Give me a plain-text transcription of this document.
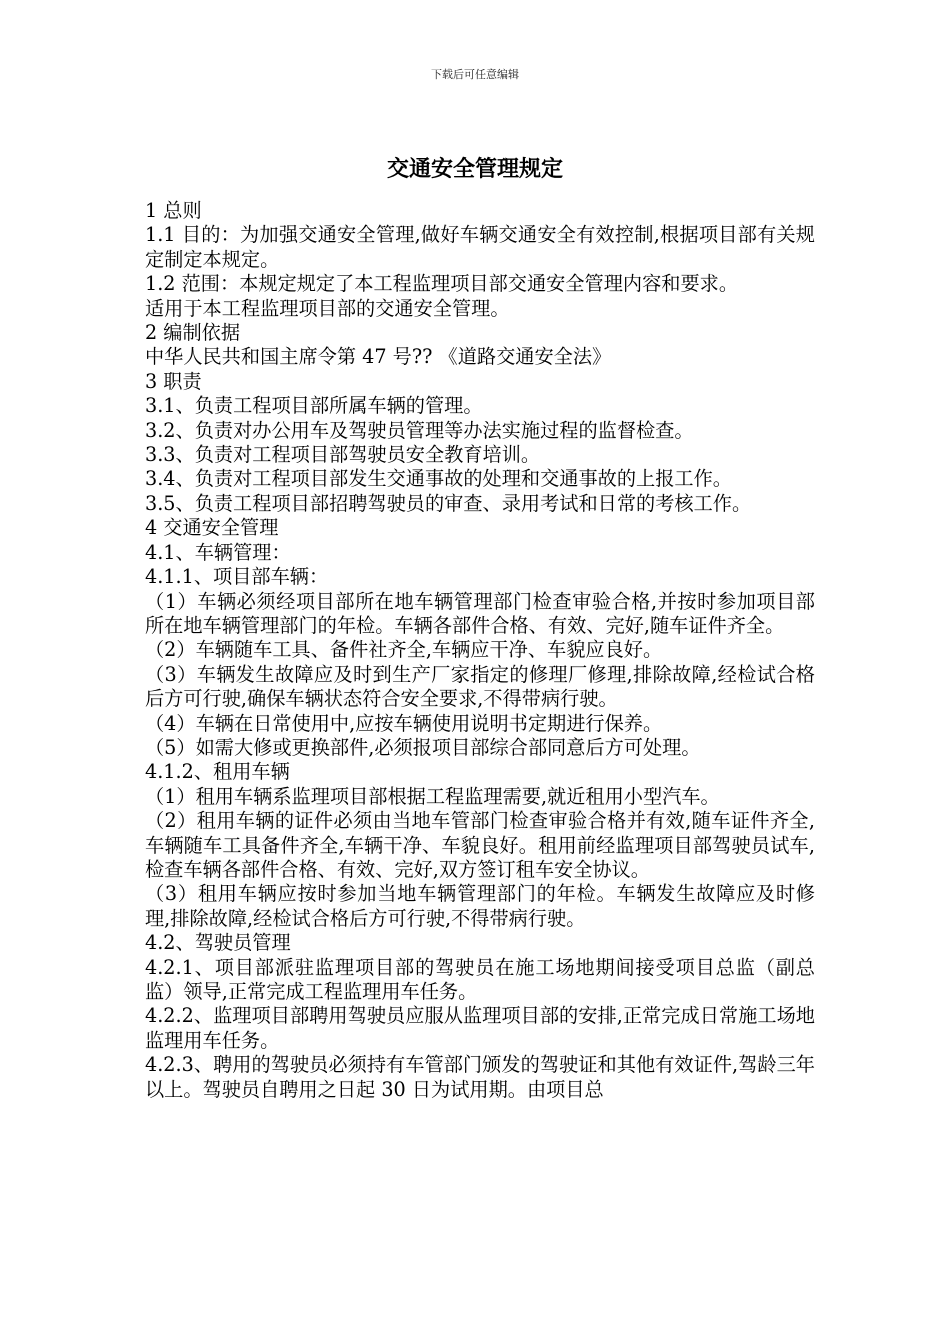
下载后可任意编辑
交通安全管理规定

1 总则

1.1 目的：为加强交通安全管理,做好车辆交通安全有效控制,根据项目部有关规定制定本规定。

1.2 范围：本规定规定了本工程监理项目部交通安全管理内容和要求。

适用于本工程监理项目部的交通安全管理。

2 编制依据

中华人民共和国主席令第 47 号?? 《道路交通安全法》

3 职责

3.1、负责工程项目部所属车辆的管理。

3.2、负责对办公用车及驾驶员管理等办法实施过程的监督检查。

3.3、负责对工程项目部驾驶员安全教育培训。

3.4、负责对工程项目部发生交通事故的处理和交通事故的上报工作。

3.5、负责工程项目部招聘驾驶员的审查、录用考试和日常的考核工作。

4 交通安全管理

4.1、车辆管理：

4.1.1、项目部车辆：

（1）车辆必须经项目部所在地车辆管理部门检查审验合格,并按时参加项目部所在地车辆管理部门的年检。车辆各部件合格、有效、完好,随车证件齐全。

（2）车辆随车工具、备件社齐全,车辆应干净、车貌应良好。

（3）车辆发生故障应及时到生产厂家指定的修理厂修理,排除故障,经检试合格后方可行驶,确保车辆状态符合安全要求,不得带病行驶。

（4）车辆在日常使用中,应按车辆使用说明书定期进行保养。

（5）如需大修或更换部件,必须报项目部综合部同意后方可处理。

4.1.2、租用车辆

（1）租用车辆系监理项目部根据工程监理需要,就近租用小型汽车。

（2）租用车辆的证件必须由当地车管部门检查审验合格并有效,随车证件齐全,车辆随车工具备件齐全,车辆干净、车貌良好。租用前经监理项目部驾驶员试车,检查车辆各部件合格、有效、完好,双方签订租车安全协议。

（3）租用车辆应按时参加当地车辆管理部门的年检。车辆发生故障应及时修理,排除故障,经检试合格后方可行驶,不得带病行驶。

4.2、驾驶员管理

4.2.1、项目部派驻监理项目部的驾驶员在施工场地期间接受项目总监（副总监）领导,正常完成工程监理用车任务。

4.2.2、监理项目部聘用驾驶员应服从监理项目部的安排,正常完成日常施工场地监理用车任务。

4.2.3、聘用的驾驶员必须持有车管部门颁发的驾驶证和其他有效证件,驾龄三年以上。驾驶员自聘用之日起 30 日为试用期。由项目总
